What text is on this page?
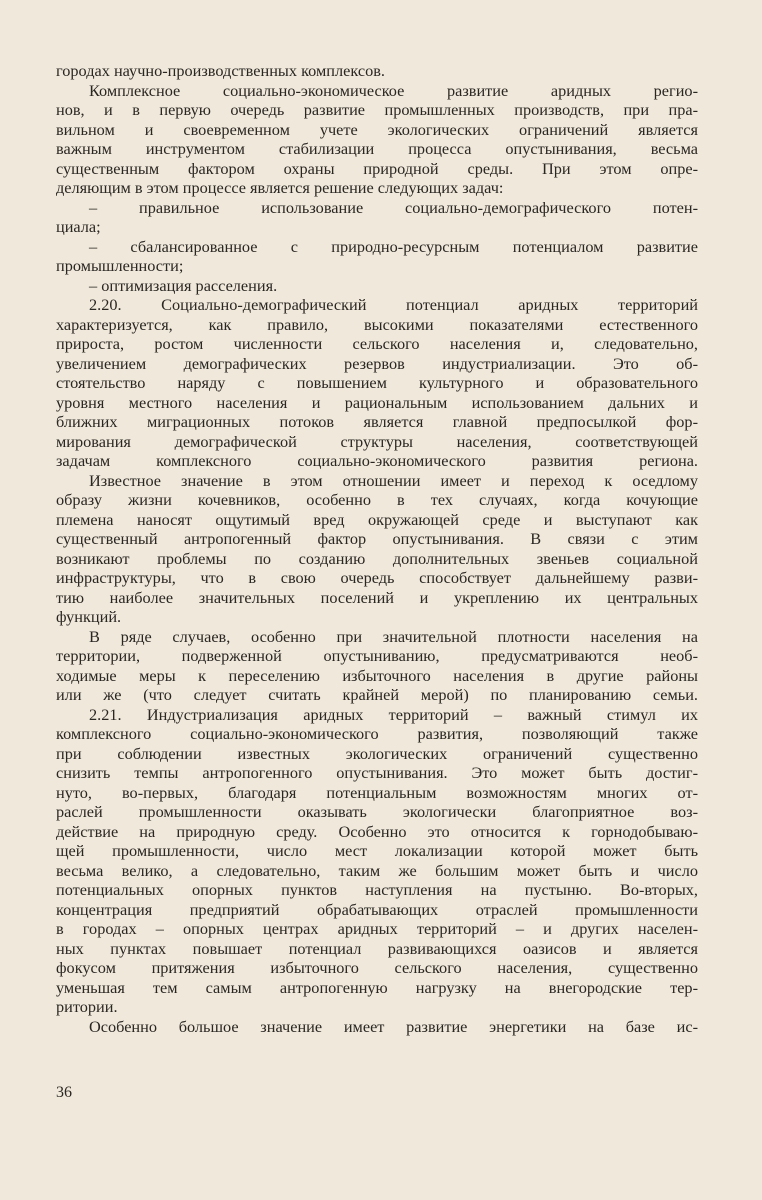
городах научно-производственных комплексов.
Комплексное социально-экономическое развитие аридных регио-
нов, и в первую очередь развитие промышленных производств, при пра-
вильном и своевременном учете экологических ограничений является
важным инструментом стабилизации процесса опустынивания, весьма
существенным фактором охраны природной среды. При этом опре-
деляющим в этом процессе является решение следующих задач:
– правильное использование социально-демографического потен-
циала;
– сбалансированное с природно-ресурсным потенциалом развитие
промышленности;
– оптимизация расселения.
2.20. Социально-демографический потенциал аридных территорий
характеризуется, как правило, высокими показателями естественного
прироста, ростом численности сельского населения и, следовательно,
увеличением демографических резервов индустриализации. Это об-
стоятельство наряду с повышением культурного и образовательного
уровня местного населения и рациональным использованием дальних и
ближних миграционных потоков является главной предпосылкой фор-
мирования демографической структуры населения, соответствующей
задачам комплексного социально-экономического развития региона.
Известное значение в этом отношении имеет и переход к оседлому
образу жизни кочевников, особенно в тех случаях, когда кочующие
племена наносят ощутимый вред окружающей среде и выступают как
существенный антропогенный фактор опустынивания. В связи с этим
возникают проблемы по созданию дополнительных звеньев социальной
инфраструктуры, что в свою очередь способствует дальнейшему разви-
тию наиболее значительных поселений и укреплению их центральных
функций.
В ряде случаев, особенно при значительной плотности населения на
территории, подверженной опустыниванию, предусматриваются необ-
ходимые меры к переселению избыточного населения в другие районы
или же (что следует считать крайней мерой) по планированию семьи.
2.21. Индустриализация аридных территорий – важный стимул их
комплексного социально-экономического развития, позволяющий также
при соблюдении известных экологических ограничений существенно
снизить темпы антропогенного опустынивания. Это может быть достиг-
нуто, во-первых, благодаря потенциальным возможностям многих от-
раслей промышленности оказывать экологически благоприятное воз-
действие на природную среду. Особенно это относится к горнодобываю-
щей промышленности, число мест локализации которой может быть
весьма велико, а следовательно, таким же большим может быть и число
потенциальных опорных пунктов наступления на пустыню. Во-вторых,
концентрация предприятий обрабатывающих отраслей промышленности
в городах – опорных центрах аридных территорий – и других населен-
ных пунктах повышает потенциал развивающихся оазисов и является
фокусом притяжения избыточного сельского населения, существенно
уменьшая тем самым антропогенную нагрузку на внегородские тер-
ритории.
Особенно большое значение имеет развитие энергетики на базе ис-
36
